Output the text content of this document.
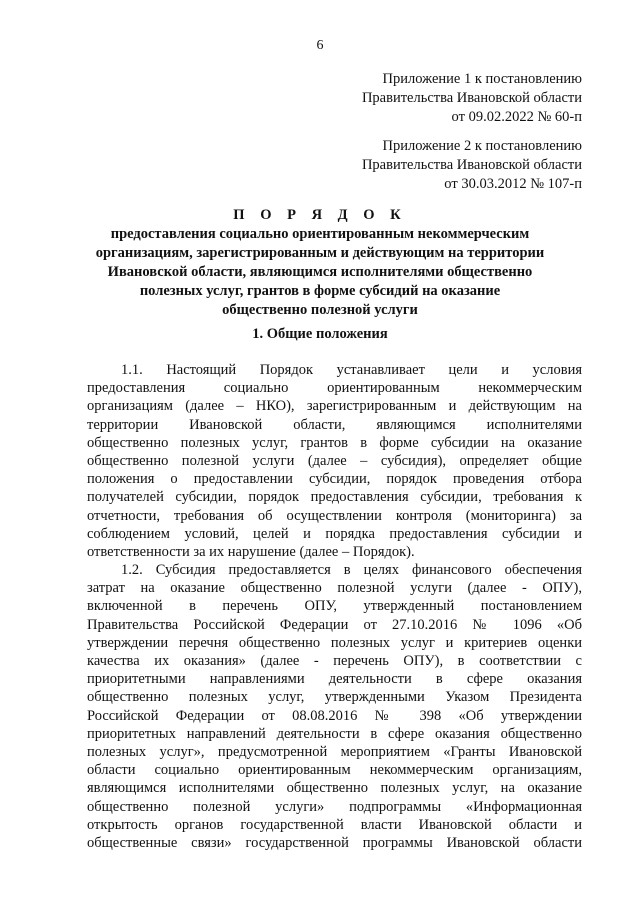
6
Приложение 1 к постановлению
Правительства Ивановской области
от 09.02.2022 № 60-п
Приложение 2 к постановлению
Правительства Ивановской области
от 30.03.2012 № 107-п
П О Р Я Д О К
предоставления социально ориентированным некоммерческим
организациям, зарегистрированным и действующим на территории
Ивановской области, являющимся исполнителями общественно
полезных услуг, грантов в форме субсидий на оказание
общественно полезной услуги
1. Общие положения
1.1. Настоящий Порядок устанавливает цели и условия
предоставления социально ориентированным некоммерческим
организациям (далее – НКО), зарегистрированным и действующим на
территории Ивановской области, являющимся исполнителями
общественно полезных услуг, грантов в форме субсидии на оказание
общественно полезной услуги (далее – субсидия), определяет общие
положения о предоставлении субсидии, порядок проведения отбора
получателей субсидии, порядок предоставления субсидии, требования к
отчетности, требования об осуществлении контроля (мониторинга) за
соблюдением условий, целей и порядка предоставления субсидии и
ответственности за их нарушение (далее – Порядок).
1.2. Субсидия предоставляется в целях финансового обеспечения
затрат на оказание общественно полезной услуги (далее - ОПУ),
включенной в перечень ОПУ, утвержденный постановлением
Правительства Российской Федерации от 27.10.2016 № 1096 «Об
утверждении перечня общественно полезных услуг и критериев оценки
качества их оказания» (далее - перечень ОПУ), в соответствии с
приоритетными направлениями деятельности в сфере оказания
общественно полезных услуг, утвержденными Указом Президента
Российской Федерации от 08.08.2016 № 398 «Об утверждении
приоритетных направлений деятельности в сфере оказания общественно
полезных услуг», предусмотренной мероприятием «Гранты Ивановской
области социально ориентированным некоммерческим организациям,
являющимся исполнителями общественно полезных услуг, на оказание
общественно полезной услуги» подпрограммы «Информационная
открытость органов государственной власти Ивановской области и
общественные связи» государственной программы Ивановской области
